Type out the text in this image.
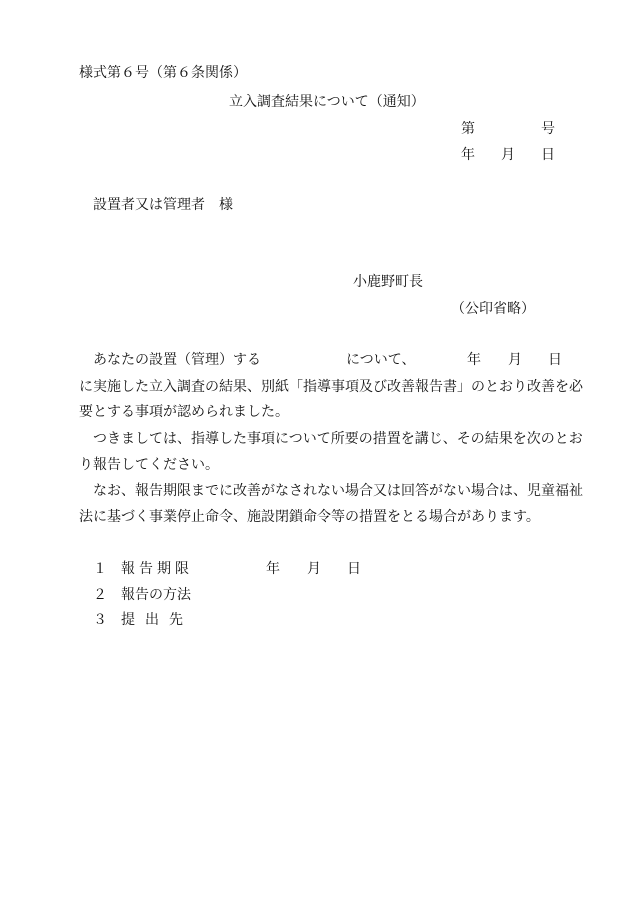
様式第６号（第６条関係）
立入調査結果について（通知）
第	号
年 月 日
設置者又は管理者　様
小鹿野町長
（公印省略）
あなたの設置（管理）する	について、	年 月 日
に実施した立入調査の結果、別紙「指導事項及び改善報告書」のとおり改善を必
要とする事項が認められました。
つきましては、指導した事項について所要の措置を講じ、その結果を次のとお
り報告してください。
なお、報告期限までに改善がなされない場合又は回答がない場合は、児童福祉
法に基づく事業停止命令、施設閉鎖命令等の措置をとる場合があります。
１ 報告期限	年 月 日
２ 報告の方法
３ 提出先
